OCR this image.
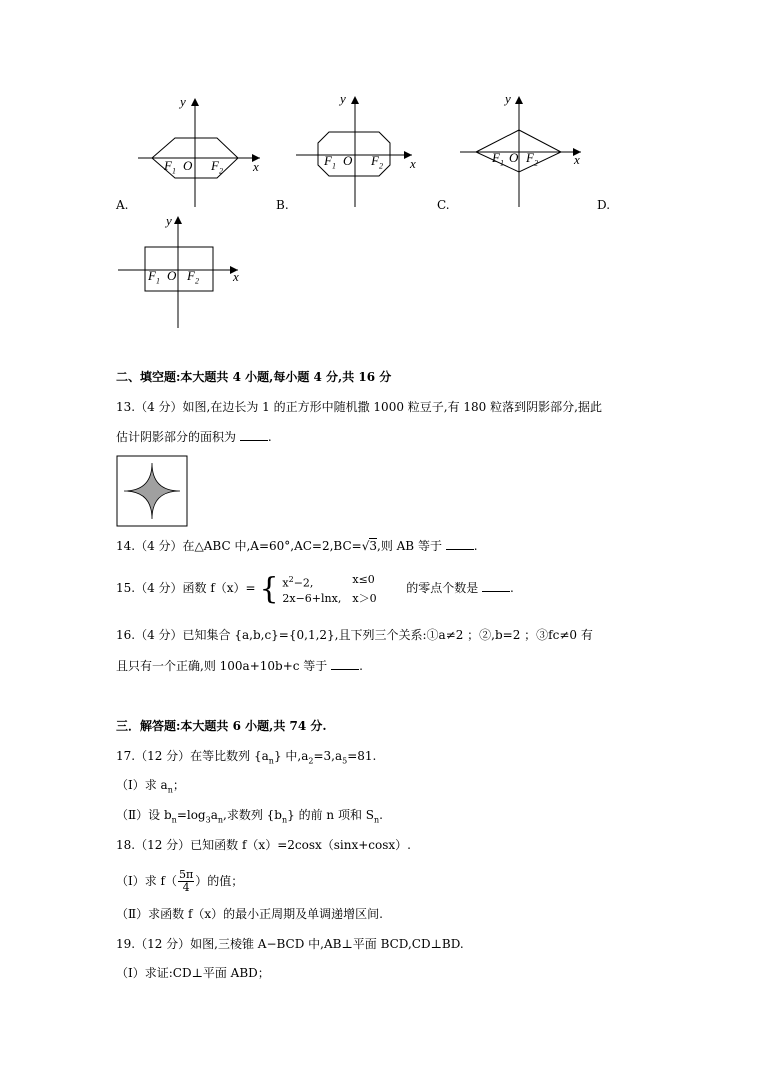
y
x
$F_1$ O $F_2$
A.
y
x
$F_1$ O $F_2$
B.
y
x
$F_1$ O $F_2$
C.	D.
y
x
$F_1$ O $F_2$
二、填空题:本大题共 4 小题,每小题 4 分,共 16 分
13.（4 分）如图,在边长为 1 的正方形中随机撒 1000 粒豆子,有 180 粒落到阴影部分,据此
估计阴影部分的面积为	.
14.（4 分）在△ABC 中,A=60°,AC=2,BC=√3,则 AB 等于	.
15.（4 分）函数 f（x）= { $x^2-2$,	x≤0
2x−6+lnx,	x＞0
的零点个数是	.
16.（4 分）已知集合 {a,b,c}={0,1,2},且下列三个关系:①a≠2 ；②,b=2 ；③fc≠0 有
且只有一个正确,则 100a+10b+c 等于	.
三．解答题:本大题共 6 小题,共 74 分.
17.（12 分）在等比数列 $\{a_n\}$ 中$,a_2=3,a_5=81$.
（Ⅰ）求 $a_n$；
（Ⅱ）设 $b_n=\log_3a_n$,求数列 $\{b_n\}$ 的前 n 项和 $S_n$.
18.（12 分）已知函数 f（x）=2cosx（sinx+cosx）.
（Ⅰ）求 $f( \frac{5\pi}{4}$ ）的值；
（Ⅱ）求函数 f（x）的最小正周期及单调递增区间.
19.（12 分）如图,三棱锥 A−BCD 中,AB⊥平面 BCD,CD⊥BD.
（Ⅰ）求证:CD⊥平面 ABD；
